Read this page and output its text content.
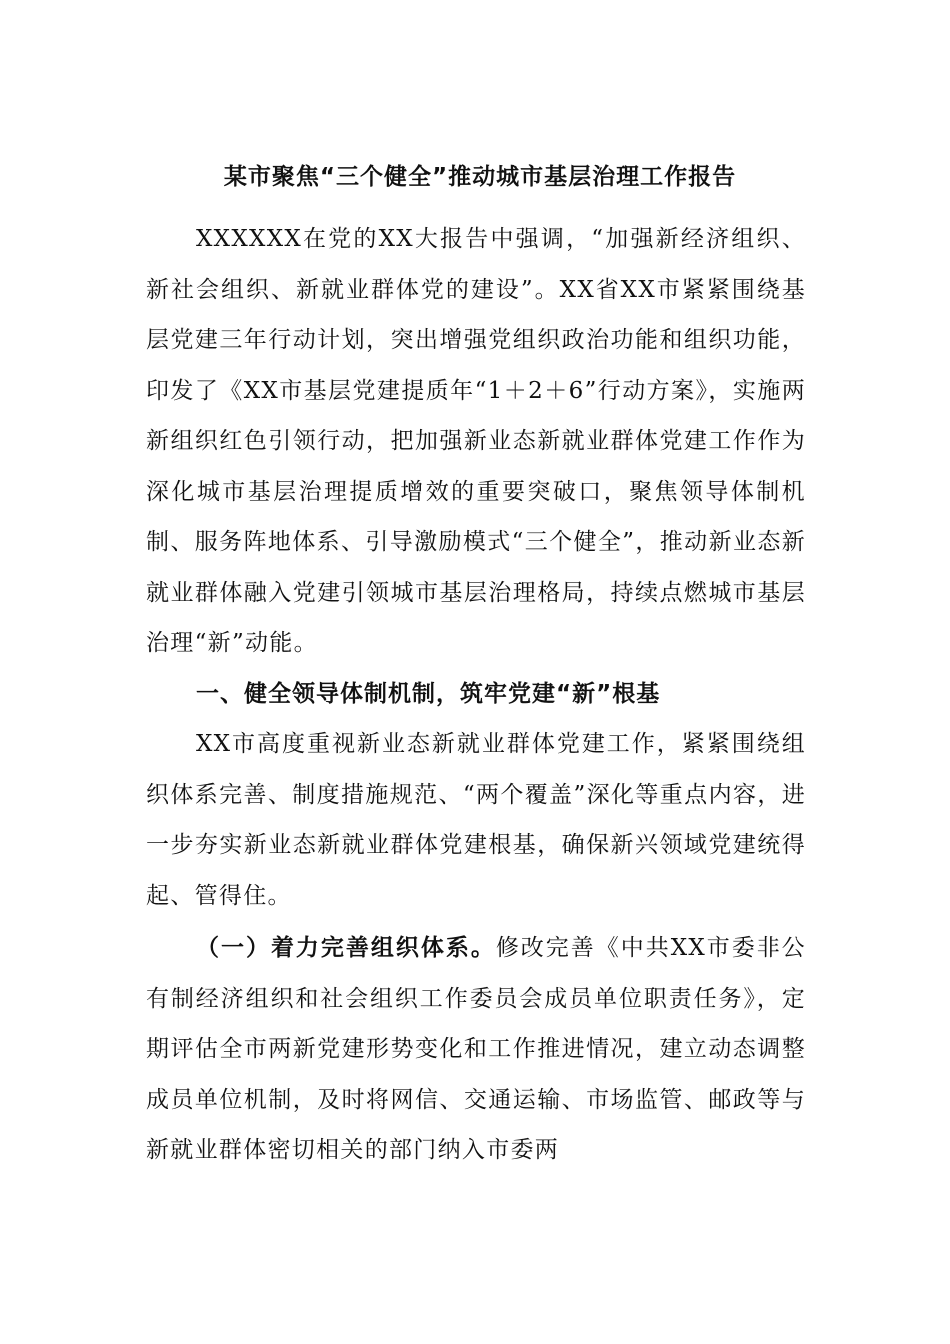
某市聚焦“三个健全”推动城市基层治理工作报告

XXXXXX在党的XX大报告中强调，“加强新经济组织、新社会组织、新就业群体党的建设”。XX省XX市紧紧围绕基层党建三年行动计划，突出增强党组织政治功能和组织功能，印发了《XX市基层党建提质年“1＋2＋6”行动方案》，实施两新组织红色引领行动，把加强新业态新就业群体党建工作作为深化城市基层治理提质增效的重要突破口，聚焦领导体制机制、服务阵地体系、引导激励模式“三个健全”，推动新业态新就业群体融入党建引领城市基层治理格局，持续点燃城市基层治理“新”动能。

一、健全领导体制机制，筑牢党建“新”根基

XX市高度重视新业态新就业群体党建工作，紧紧围绕组织体系完善、制度措施规范、“两个覆盖”深化等重点内容，进一步夯实新业态新就业群体党建根基，确保新兴领域党建统得起、管得住。

（一）着力完善组织体系。修改完善《中共XX市委非公有制经济组织和社会组织工作委员会成员单位职责任务》，定期评估全市两新党建形势变化和工作推进情况，建立动态调整成员单位机制，及时将网信、交通运输、市场监管、邮政等与新就业群体密切相关的部门纳入市委两
